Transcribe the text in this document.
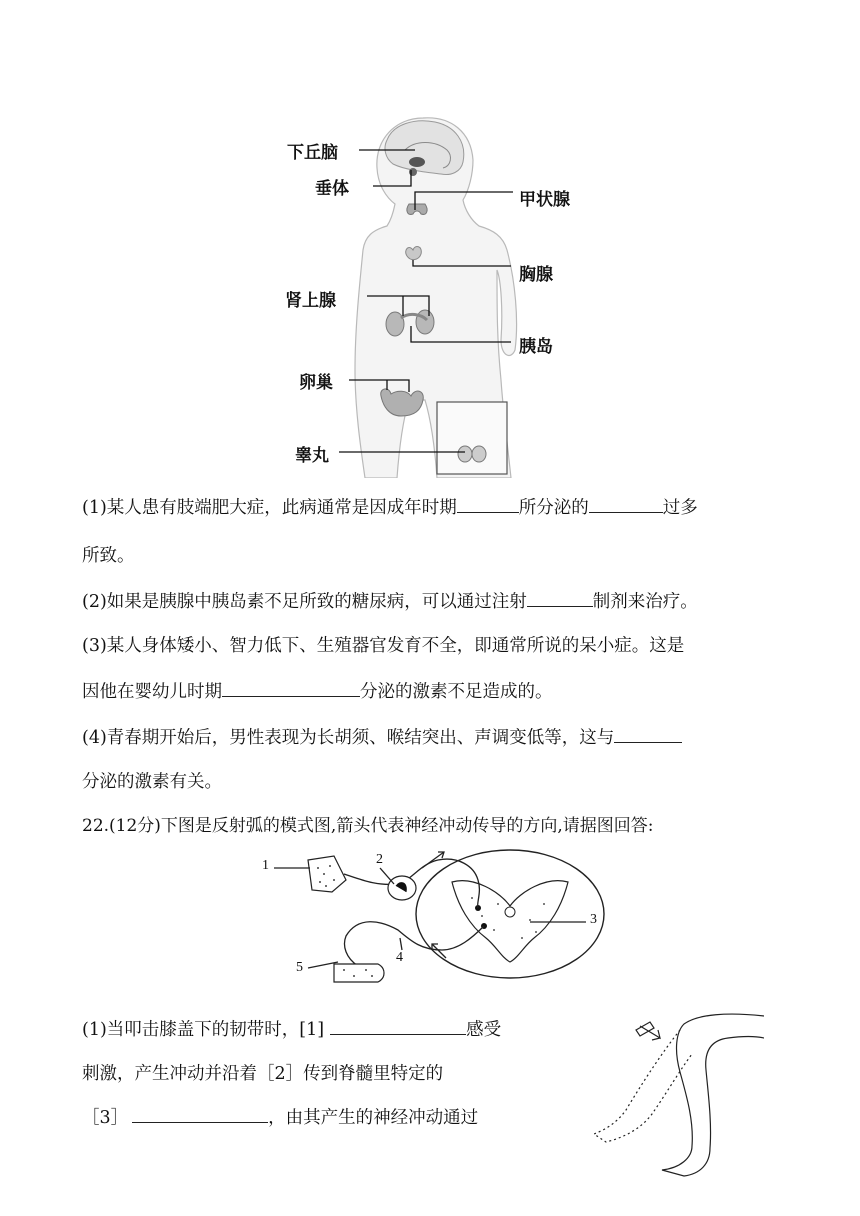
下丘脑
垂体
甲状腺
胸腺
肾上腺
胰岛
卵巢
睾丸
(1)某人患有肢端肥大症，此病通常是因成年时期	所分泌的	过多
所致。
(2)如果是胰腺中胰岛素不足所致的糖尿病，可以通过注射	制剂来治疗。
(3)某人身体矮小、智力低下、生殖器官发育不全，即通常所说的呆小症。这是
因他在婴幼儿时期	分泌的激素不足造成的。
(4)青春期开始后，男性表现为长胡须、喉结突出、声调变低等，这与
分泌的激素有关。
22.(12分)下图是反射弧的模式图,箭头代表神经冲动传导的方向,请据图回答:
1	2
3
4
5
(1)当叩击膝盖下的韧带时，[1]	感受
刺激，产生冲动并沿着［2］传到脊髓里特定的
［3］	，由其产生的神经冲动通过
